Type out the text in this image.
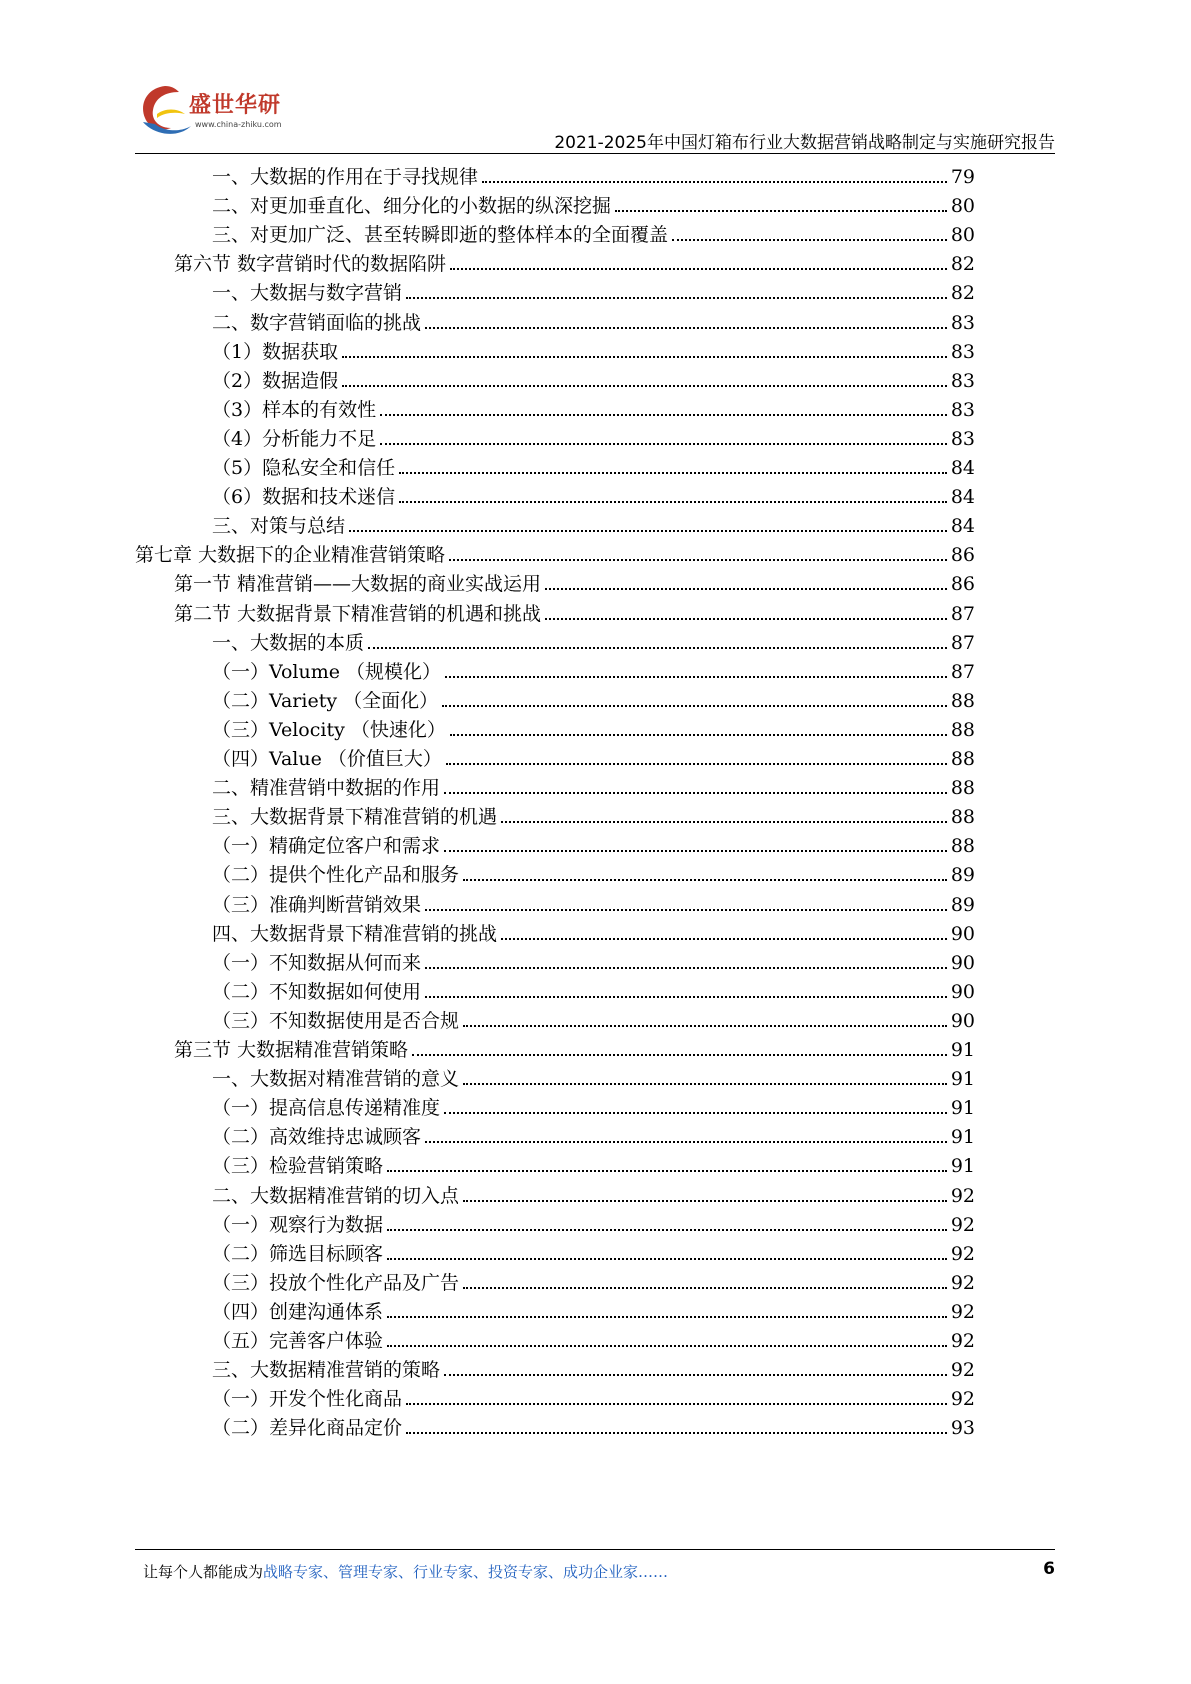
盛世华研
www.china-zhiku.com
2021-2025年中国灯箱布行业大数据营销战略制定与实施研究报告
一、大数据的作用在于寻找规律	79
二、对更加垂直化、细分化的小数据的纵深挖掘	80
三、对更加广泛、甚至转瞬即逝的整体样本的全面覆盖	80
第六节 数字营销时代的数据陷阱	82
一、大数据与数字营销	82
二、数字营销面临的挑战	83
（1）数据获取	83
（2）数据造假	83
（3）样本的有效性	83
（4）分析能力不足	83
（5）隐私安全和信任	84
（6）数据和技术迷信	84
三、对策与总结	84
第七章 大数据下的企业精准营销策略	86
第一节 精准营销——大数据的商业实战运用	86
第二节 大数据背景下精准营销的机遇和挑战	87
一、大数据的本质	87
（一）Volume （规模化）	87
（二）Variety （全面化）	88
（三）Velocity （快速化）	88
（四）Value （价值巨大）	88
二、精准营销中数据的作用	88
三、大数据背景下精准营销的机遇	88
（一）精确定位客户和需求	88
（二）提供个性化产品和服务	89
（三）准确判断营销效果	89
四、大数据背景下精准营销的挑战	90
（一）不知数据从何而来	90
（二）不知数据如何使用	90
（三）不知数据使用是否合规	90
第三节 大数据精准营销策略	91
一、大数据对精准营销的意义	91
（一）提高信息传递精准度	91
（二）高效维持忠诚顾客	91
（三）检验营销策略	91
二、大数据精准营销的切入点	92
（一）观察行为数据	92
（二）筛选目标顾客	92
（三）投放个性化产品及广告	92
（四）创建沟通体系	92
（五）完善客户体验	92
三、大数据精准营销的策略	92
（一）开发个性化商品	92
（二）差异化商品定价	93
让每个人都能成为战略专家、管理专家、行业专家、投资专家、成功企业家……	6
